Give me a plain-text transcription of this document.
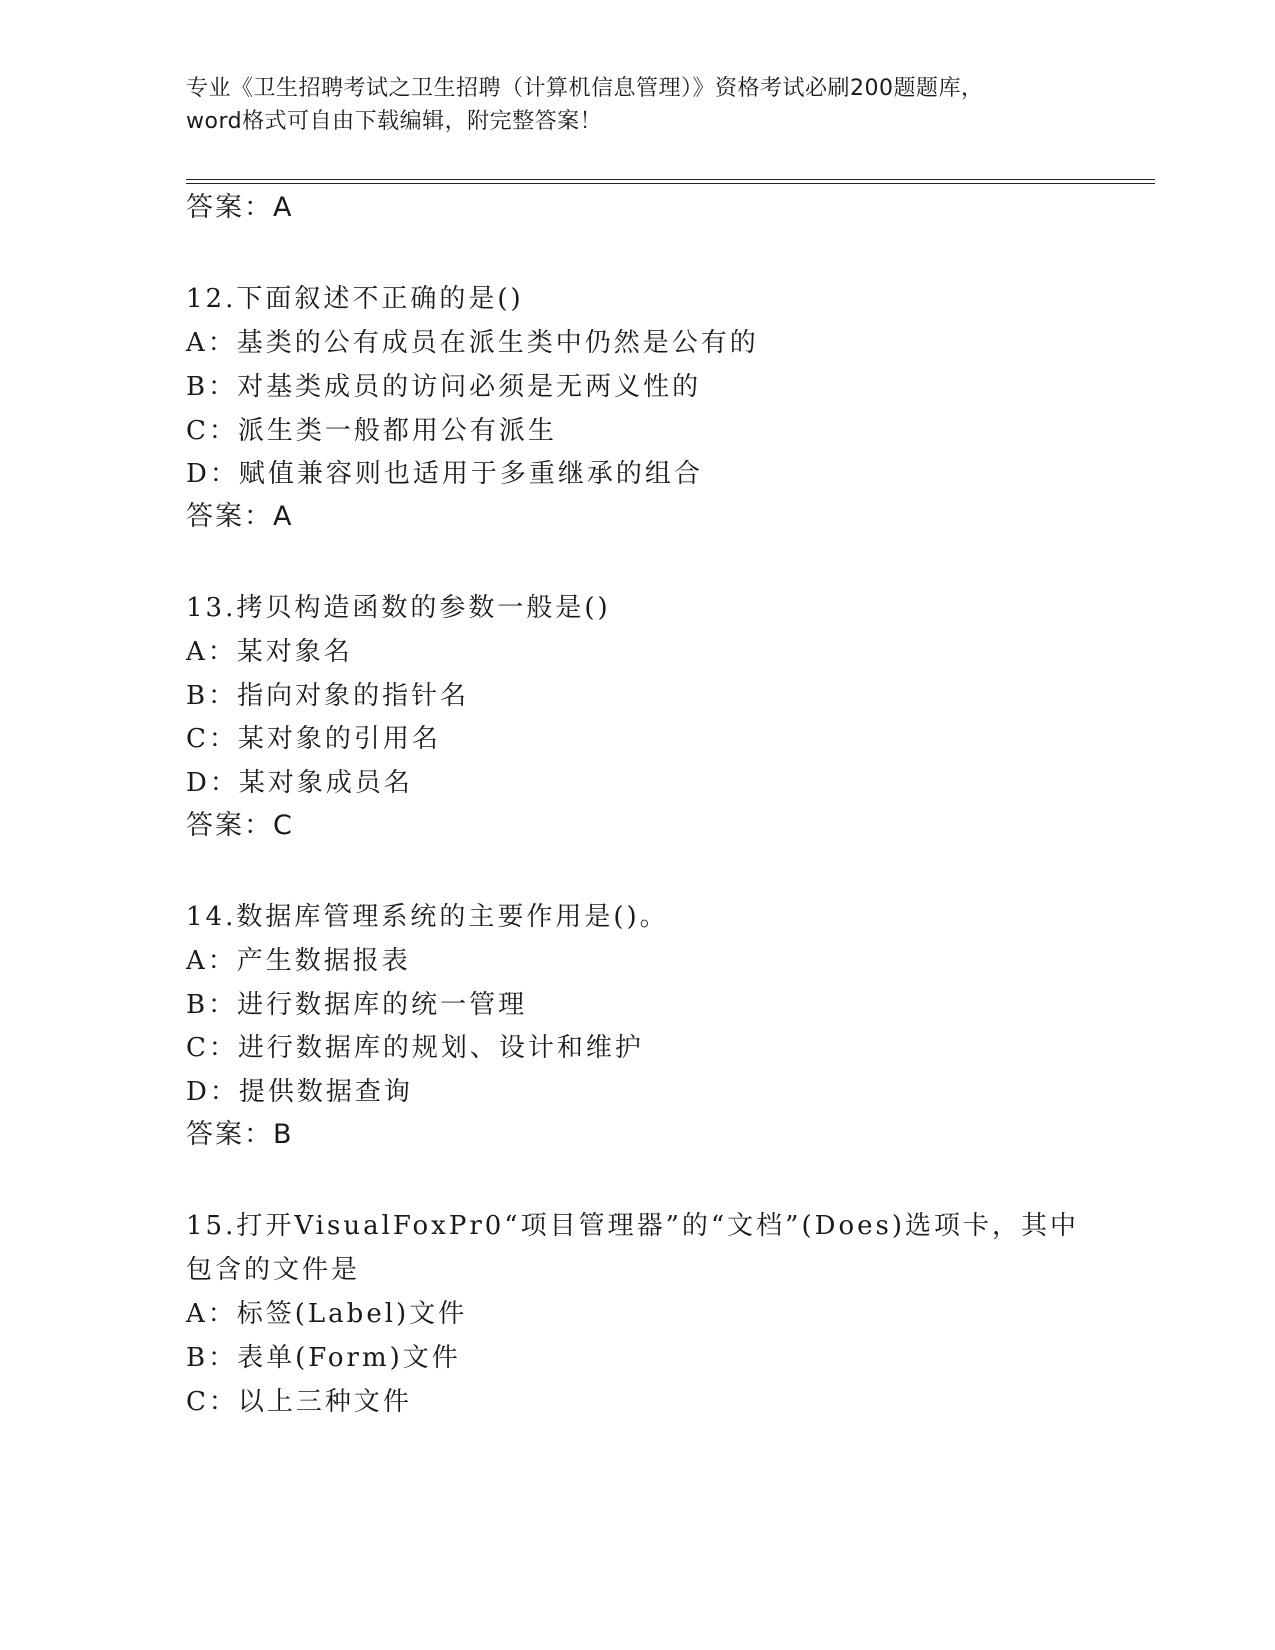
专业《卫生招聘考试之卫生招聘（计算机信息管理）》资格考试必刷200题题库，
word格式可自由下载编辑，附完整答案！
答案：A
12.下面叙述不正确的是()
A：基类的公有成员在派生类中仍然是公有的
B：对基类成员的访问必须是无两义性的
C：派生类一般都用公有派生
D：赋值兼容则也适用于多重继承的组合
答案：A
13.拷贝构造函数的参数一般是()
A：某对象名
B：指向对象的指针名
C：某对象的引用名
D：某对象成员名
答案：C
14.数据库管理系统的主要作用是()。
A：产生数据报表
B：进行数据库的统一管理
C：进行数据库的规划、设计和维护
D：提供数据查询
答案：B
15.打开VisualFoxPr0“项目管理器”的“文档”(Does)选项卡，其中
包含的文件是
A：标签(Label)文件
B：表单(Form)文件
C：以上三种文件
